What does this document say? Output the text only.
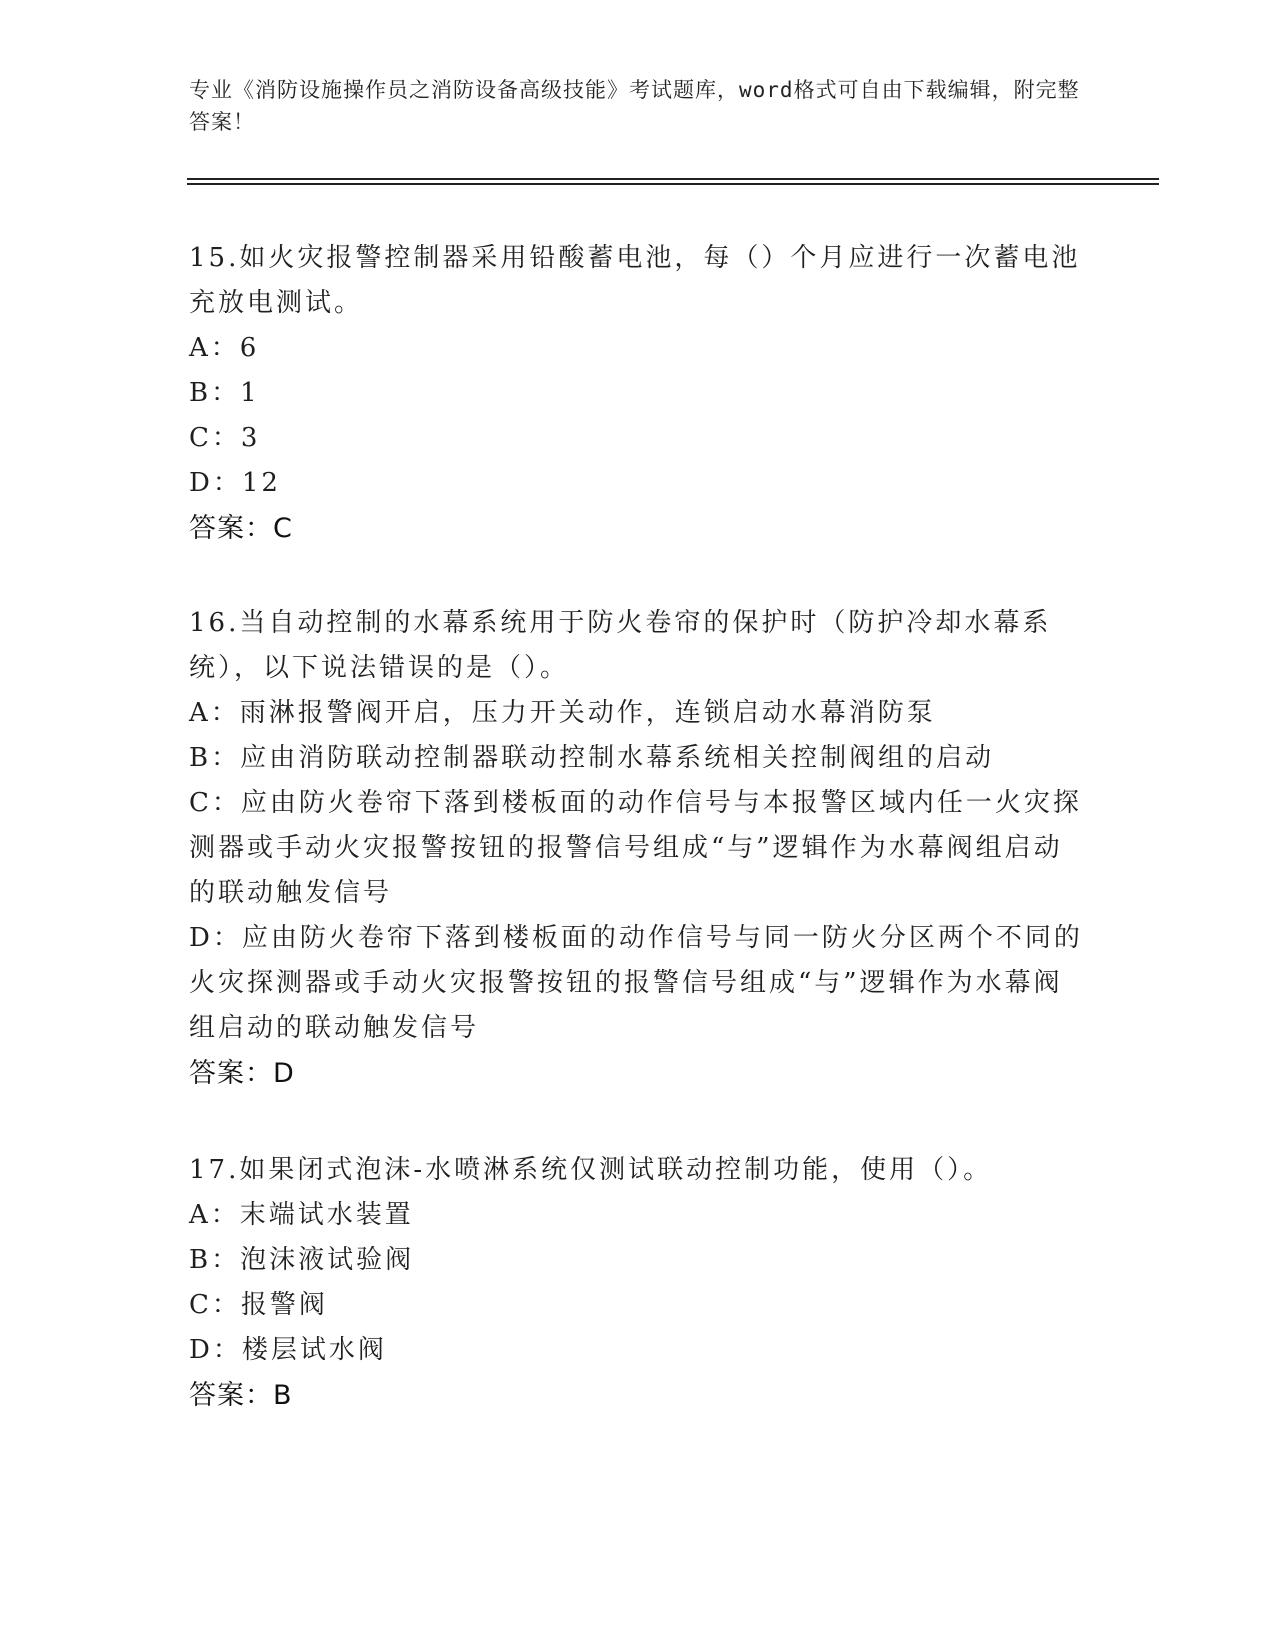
专业《消防设施操作员之消防设备高级技能》考试题库，word格式可自由下载编辑，附完整答案！

15.如火灾报警控制器采用铅酸蓄电池，每（）个月应进行一次蓄电池充放电测试。

A：6

B：1

C：3

D：12

答案：C

16.当自动控制的水幕系统用于防火卷帘的保护时（防护冷却水幕系统），以下说法错误的是（）。

A：雨淋报警阀开启，压力开关动作，连锁启动水幕消防泵

B：应由消防联动控制器联动控制水幕系统相关控制阀组的启动

C：应由防火卷帘下落到楼板面的动作信号与本报警区域内任一火灾探测器或手动火灾报警按钮的报警信号组成“与”逻辑作为水幕阀组启动的联动触发信号

D：应由防火卷帘下落到楼板面的动作信号与同一防火分区两个不同的火灾探测器或手动火灾报警按钮的报警信号组成“与”逻辑作为水幕阀组启动的联动触发信号

答案：D

17.如果闭式泡沫-水喷淋系统仅测试联动控制功能，使用（）。

A：末端试水装置

B：泡沫液试验阀

C：报警阀

D：楼层试水阀

答案：B
